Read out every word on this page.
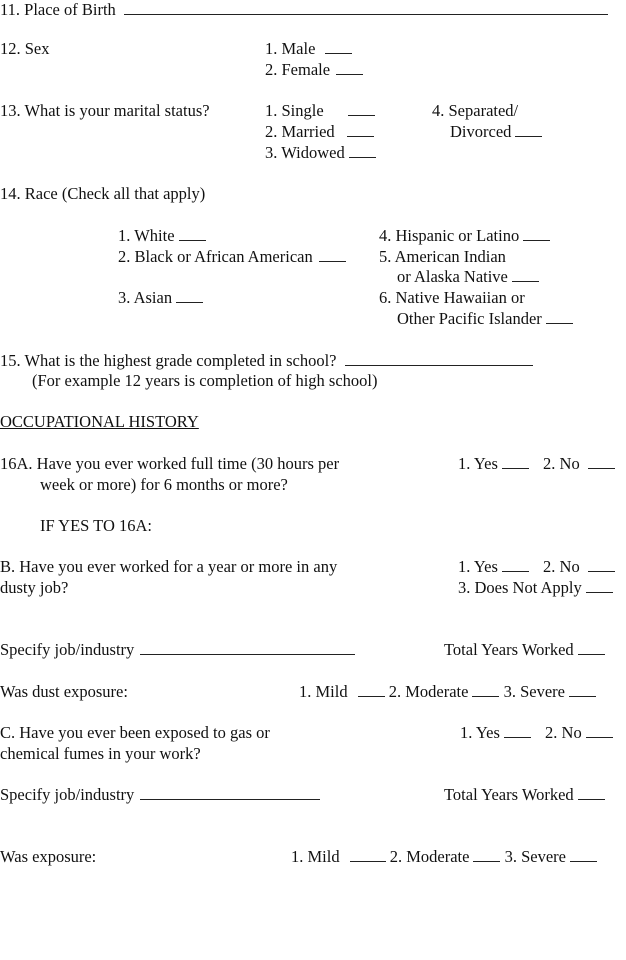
11. Place of Birth
12. Sex	1. Male
2. Female
13. What is your marital status?	1. Single
2. Married
3. Widowed
4. Separated/
Divorced
14. Race (Check all that apply)
1. White
2. Black or African American
3. Asian
4. Hispanic or Latino
5. American Indian
or Alaska Native
6. Native Hawaiian or
Other Pacific Islander
15. What is the highest grade completed in school?
(For example 12 years is completion of high school)
OCCUPATIONAL HISTORY
16A. Have you ever worked full time (30 hours per
week or more) for 6 months or more?
1. Yes	2. No
IF YES TO 16A:
B. Have you ever worked for a year or more in any
dusty job?
1. Yes	2. No
3. Does Not Apply
Specify job/industry	Total Years Worked
Was dust exposure:	1. Mild 2. Moderate 3. Severe
C. Have you ever been exposed to gas or
chemical fumes in your work?
1. Yes	2. No
Specify job/industry	Total Years Worked
Was exposure:	1. Mild	2. Moderate 3. Severe
